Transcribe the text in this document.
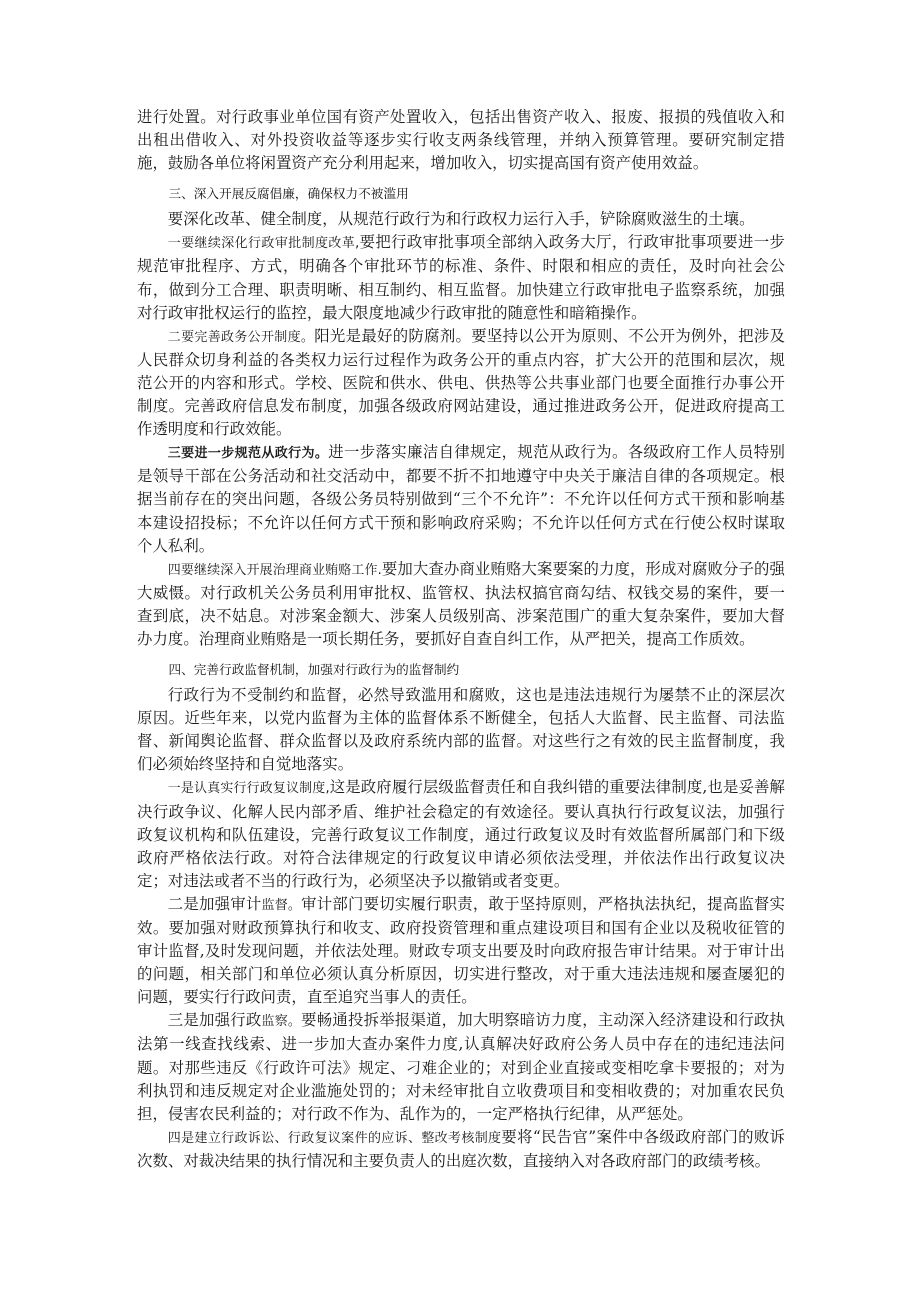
进行处置。对行政事业单位国有资产处置收入，包括出售资产收入、报废、报损的残值收入和出租出借收入、对外投资收益等逐步实行收支两条线管理，并纳入预算管理。要研究制定措施，鼓励各单位将闲置资产充分利用起来，增加收入，切实提高国有资产使用效益。

三、深入开展反腐倡廉，确保权力不被滥用

要深化改革、健全制度，从规范行政行为和行政权力运行入手，铲除腐败滋生的土壤。

一要继续深化行政审批制度改革,要把行政审批事项全部纳入政务大厅，行政审批事项要进一步规范审批程序、方式，明确各个审批环节的标准、条件、时限和相应的责任，及时向社会公布，做到分工合理、职责明晰、相互制约、相互监督。加快建立行政审批电子监察系统，加强对行政审批权运行的监控，最大限度地减少行政审批的随意性和暗箱操作。

二要完善政务公开制度。阳光是最好的防腐剂。要坚持以公开为原则、不公开为例外，把涉及人民群众切身利益的各类权力运行过程作为政务公开的重点内容，扩大公开的范围和层次，规范公开的内容和形式。学校、医院和供水、供电、供热等公共事业部门也要全面推行办事公开制度。完善政府信息发布制度，加强各级政府网站建设，通过推进政务公开，促进政府提高工作透明度和行政效能。

三要进一步规范从政行为。进一步落实廉洁自律规定，规范从政行为。各级政府工作人员特别是领导干部在公务活动和社交活动中，都要不折不扣地遵守中央关于廉洁自律的各项规定。根据当前存在的突出问题，各级公务员特别做到“三个不允许”：不允许以任何方式干预和影响基本建设招投标；不允许以任何方式干预和影响政府采购；不允许以任何方式在行使公权时谋取个人私利。

四要继续深入开展治理商业贿赂工作.要加大查办商业贿赂大案要案的力度，形成对腐败分子的强大威慑。对行政机关公务员利用审批权、监管权、执法权搞官商勾结、权钱交易的案件，要一查到底，决不姑息。对涉案金额大、涉案人员级别高、涉案范围广的重大复杂案件，要加大督办力度。治理商业贿赂是一项长期任务，要抓好自查自纠工作，从严把关，提高工作质效。

四、完善行政监督机制，加强对行政行为的监督制约

行政行为不受制约和监督，必然导致滥用和腐败，这也是违法违规行为屡禁不止的深层次原因。近些年来，以党内监督为主体的监督体系不断健全，包括人大监督、民主监督、司法监督、新闻舆论监督、群众监督以及政府系统内部的监督。对这些行之有效的民主监督制度，我们必须始终坚持和自觉地落实。

一是认真实行行政复议制度,这是政府履行层级监督责任和自我纠错的重要法律制度,也是妥善解决行政争议、化解人民内部矛盾、维护社会稳定的有效途径。要认真执行行政复议法，加强行政复议机构和队伍建设，完善行政复议工作制度，通过行政复议及时有效监督所属部门和下级政府严格依法行政。对符合法律规定的行政复议申请必须依法受理，并依法作出行政复议决定；对违法或者不当的行政行为，必须坚决予以撤销或者变更。

二是加强审计监督。审计部门要切实履行职责，敢于坚持原则，严格执法执纪，提高监督实效。要加强对财政预算执行和收支、政府投资管理和重点建设项目和国有企业以及税收征管的审计监督,及时发现问题，并依法处理。财政专项支出要及时向政府报告审计结果。对于审计出的问题，相关部门和单位必须认真分析原因，切实进行整改，对于重大违法违规和屡查屡犯的问题，要实行行政问责，直至追究当事人的责任。

三是加强行政监察。要畅通投拆举报渠道，加大明察暗访力度，主动深入经济建设和行政执法第一线查找线索、进一步加大查办案件力度,认真解决好政府公务人员中存在的违纪违法问题。对那些违反《行政许可法》规定、刁难企业的；对到企业直接或变相吃拿卡要报的；对为利执罚和违反规定对企业滥施处罚的；对未经审批自立收费项目和变相收费的；对加重农民负担，侵害农民利益的；对行政不作为、乱作为的，一定严格执行纪律，从严惩处。

四是建立行政诉讼、行政复议案件的应诉、整改考核制度要将“民告官”案件中各级政府部门的败诉次数、对裁决结果的执行情况和主要负责人的出庭次数，直接纳入对各政府部门的政绩考核。
